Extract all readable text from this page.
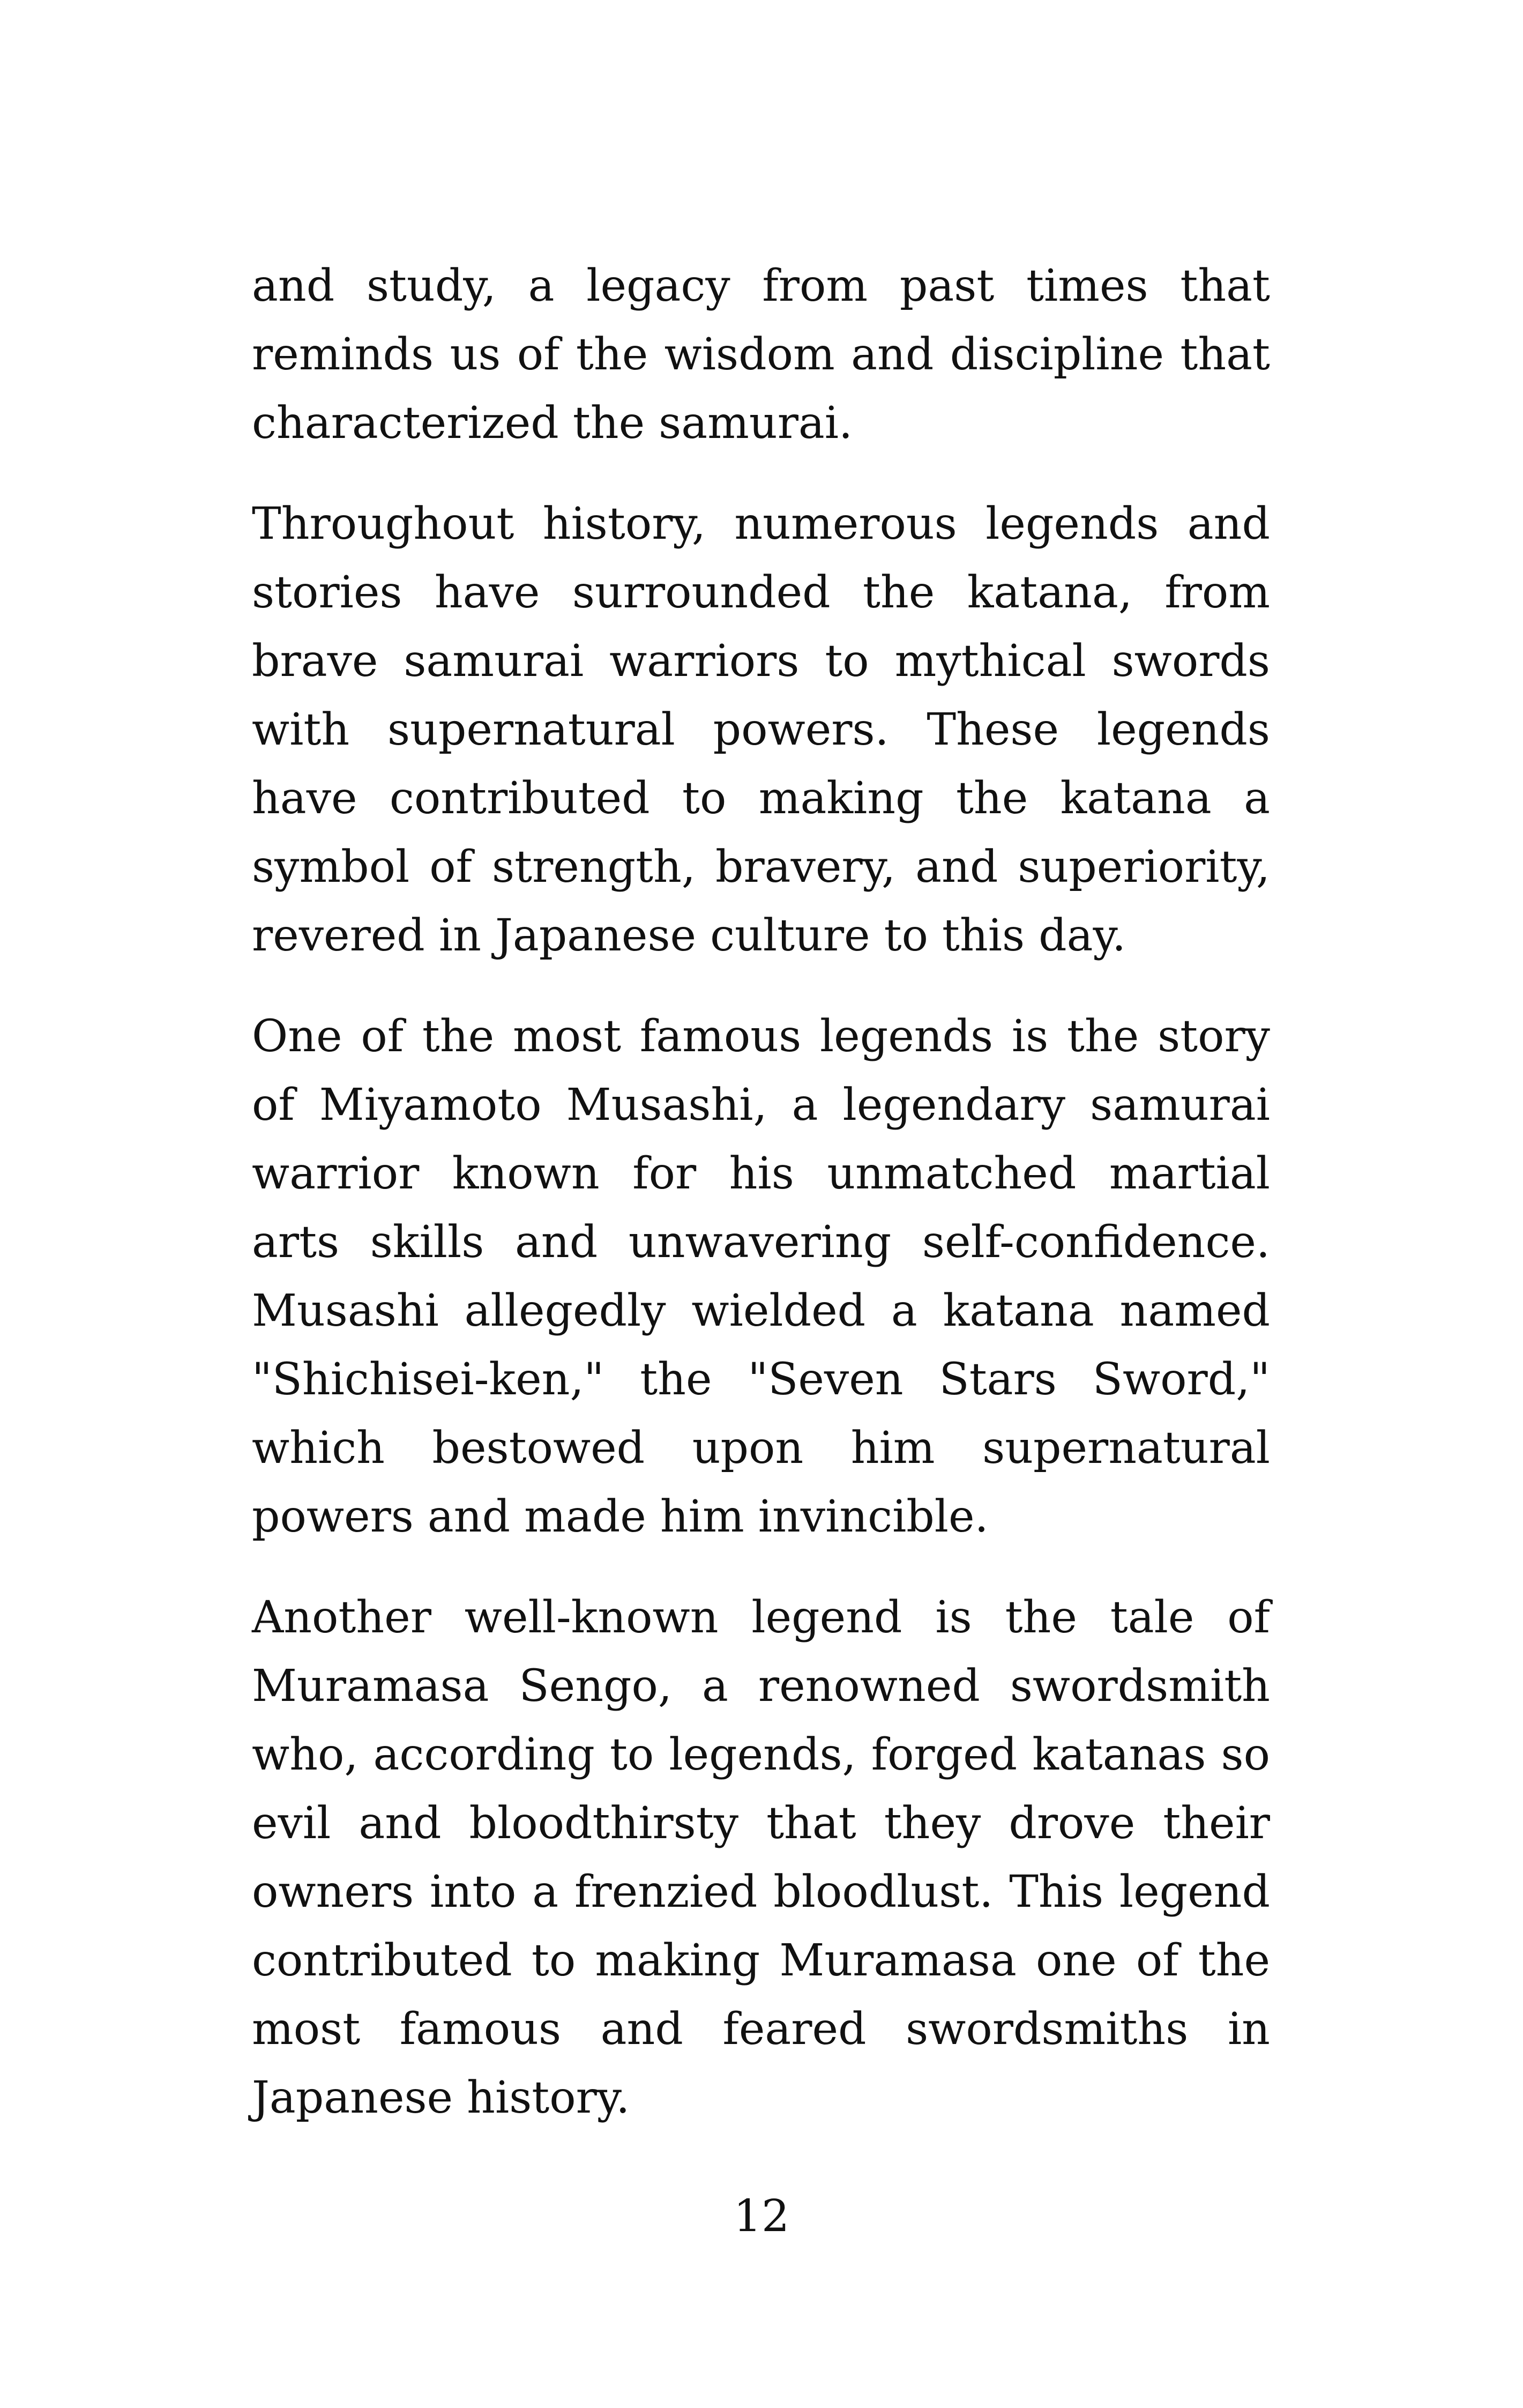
and study, a legacy from past times that reminds us of the wisdom and discipline that characterized the samurai.

Throughout history, numerous legends and stories have surrounded the katana, from brave samurai warriors to mythical swords with supernatural powers. These legends have contributed to making the katana a symbol of strength, bravery, and superiority, revered in Japanese culture to this day.

One of the most famous legends is the story of Miyamoto Musashi, a legendary samurai warrior known for his unmatched martial arts skills and unwavering self-confidence. Musashi allegedly wielded a katana named "Shichisei-ken," the "Seven Stars Sword," which bestowed upon him supernatural powers and made him invincible.

Another well-known legend is the tale of Muramasa Sengo, a renowned swordsmith who, according to legends, forged katanas so evil and bloodthirsty that they drove their owners into a frenzied bloodlust. This legend contributed to making Muramasa one of the most famous and feared swordsmiths in Japanese history.

12
